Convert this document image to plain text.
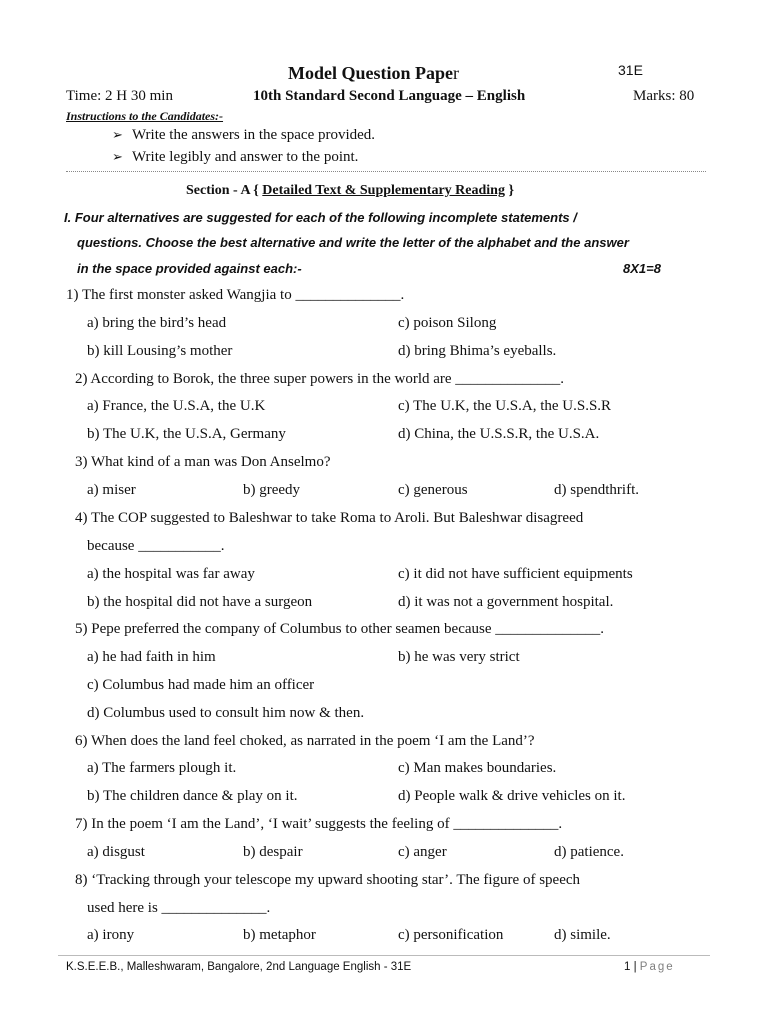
Model Question Paper	31E
Time: 2 H 30 min	10th Standard Second Language – English	Marks: 80
Instructions to the Candidates:-
➢ Write the answers in the space provided.
➢ Write legibly and answer to the point.
Section - A { Detailed Text & Supplementary Reading }
I. Four alternatives are suggested for each of the following incomplete statements /
questions. Choose the best alternative and write the letter of the alphabet and the answer
in the space provided against each:-	8X1=8
1) The first monster asked Wangjia to ______________.
a) bring the bird’s head	c) poison Silong
b) kill Lousing’s mother	d) bring Bhima’s eyeballs.
2) According to Borok, the three super powers in the world are ______________.
a) France, the U.S.A, the U.K	c) The U.K, the U.S.A, the U.S.S.R
b) The U.K, the U.S.A, Germany	d) China, the U.S.S.R, the U.S.A.
3) What kind of a man was Don Anselmo?
a) miser	b) greedy	c) generous	d) spendthrift.
4) The COP suggested to Baleshwar to take Roma to Aroli. But Baleshwar disagreed
because ___________.
a) the hospital was far away	c) it did not have sufficient equipments
b) the hospital did not have a surgeon	d) it was not a government hospital.
5) Pepe preferred the company of Columbus to other seamen because ______________.
a) he had faith in him	b) he was very strict
c) Columbus had made him an officer
d) Columbus used to consult him now & then.
6) When does the land feel choked, as narrated in the poem ‘I am the Land’?
a) The farmers plough it.	c) Man makes boundaries.
b) The children dance & play on it.	d) People walk & drive vehicles on it.
7) In the poem ‘I am the Land’, ‘I wait’ suggests the feeling of ______________.
a) disgust	b) despair	c) anger	d) patience.
8) ‘Tracking through your telescope my upward shooting star’. The figure of speech
used here is ______________.
a) irony	b) metaphor	c) personification	d) simile.
K.S.E.E.B., Malleshwaram, Bangalore, 2nd Language English - 31E	1 | Page
